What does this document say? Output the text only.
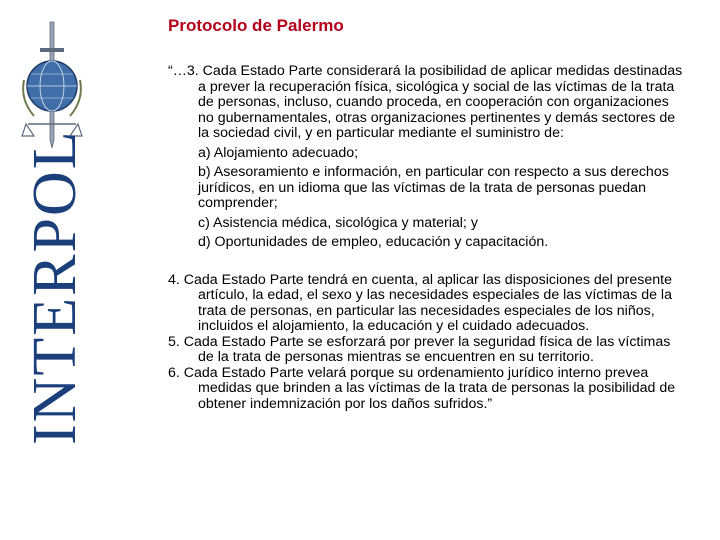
INTERPOL
Protocolo de Palermo

“…3. Cada Estado Parte considerará la posibilidad de aplicar medidas destinadas a prever la recuperación física, sicológica y social de las víctimas de la trata de personas, incluso, cuando proceda, en cooperación con organizaciones no gubernamentales, otras organizaciones pertinentes y demás sectores de la sociedad civil, y en particular mediante el suministro de:

a) Alojamiento adecuado;

b) Asesoramiento e información, en particular con respecto a sus derechos jurídicos, en un idioma que las víctimas de la trata de personas puedan comprender;

c) Asistencia médica, sicológica y material; y

d) Oportunidades de empleo, educación y capacitación.

4. Cada Estado Parte tendrá en cuenta, al aplicar las disposiciones del presente artículo, la edad, el sexo y las necesidades especiales de las víctimas de la trata de personas, en particular las necesidades especiales de los niños, incluidos el alojamiento, la educación y el cuidado adecuados.

5. Cada Estado Parte se esforzará por prever la seguridad física de las víctimas de la trata de personas mientras se encuentren en su territorio.

6. Cada Estado Parte velará porque su ordenamiento jurídico interno prevea medidas que brinden a las víctimas de la trata de personas la posibilidad de obtener indemnización por los daños sufridos.”
